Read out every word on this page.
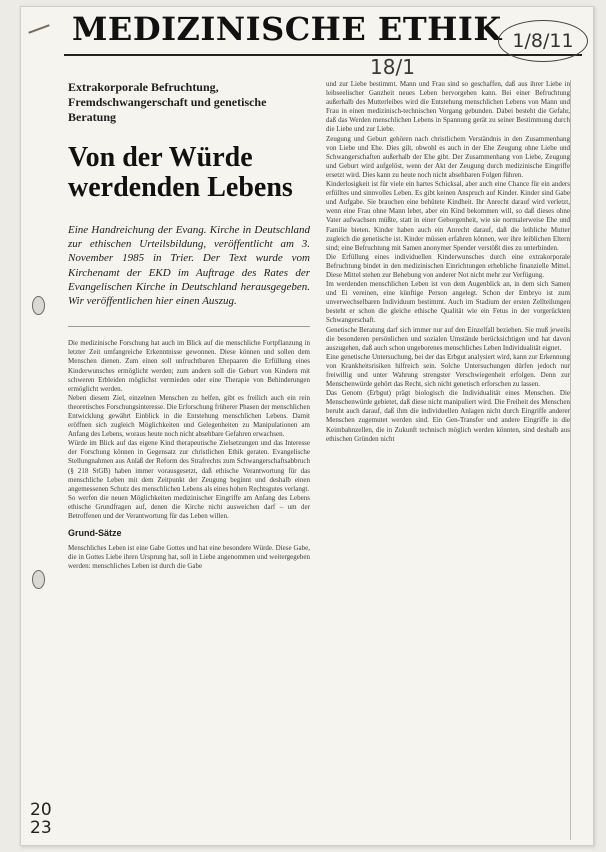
MEDIZINISCHE ETHIK 1/8/11
18/1
20
23

Extrakorporale Befruchtung, Fremdschwangerschaft und genetische Beratung

Von der Würde werdenden Lebens

Eine Handreichung der Evang. Kirche in Deutschland zur ethischen Urteilsbildung, veröffentlicht am 3. November 1985 in Trier. Der Text wurde vom Kirchenamt der EKD im Auftrage des Rates der Evangelischen Kirche in Deutschland herausgegeben. Wir veröffentlichen hier einen Auszug.

Die medizinische Forschung hat auch im Blick auf die menschliche Fortpflanzung in letzter Zeit umfangreiche Erkenntnisse gewonnen. Diese können und sollen dem Menschen dienen. Zum einen soll unfruchtbaren Ehepaaren die Erfüllung eines Kinderwunsches ermöglicht werden; zum andern soll die Geburt von Kindern mit schweren Erbleiden möglichst vermieden oder eine Therapie von Behinderungen ermöglicht werden.

Neben diesem Ziel, einzelnen Menschen zu helfen, gibt es freilich auch ein rein theoretisches Forschungsinteresse. Die Erforschung früherer Phasen der menschlichen Entwicklung gewährt Einblick in die Entstehung menschlichen Lebens. Damit eröffnen sich zugleich Möglichkeiten und Gelegenheiten zu Manipulationen am Anfang des Lebens, woraus heute noch nicht absehbare Gefahren erwachsen.

Würde im Blick auf das eigene Kind therapeutische Zielsetzungen und das Interesse der Forschung können in Gegensatz zur christlichen Ethik geraten. Evangelische Stellungnahmen aus Anlaß der Reform des Strafrechts zum Schwangerschaftsabbruch (§ 218 StGB) haben immer vorausgesetzt, daß ethische Verantwortung für das menschliche Leben mit dem Zeitpunkt der Zeugung beginnt und deshalb einen angemessenen Schutz des menschlichen Lebens als eines hohen Rechtsgutes verlangt.

So werfen die neuen Möglichkeiten medizinischer Eingriffe am Anfang des Lebens ethische Grundfragen auf, denen die Kirche nicht ausweichen darf – um der Betroffenen und der Verantwortung für das Leben willen.

Grund-Sätze

Menschliches Leben ist eine Gabe Gottes und hat eine besondere Würde. Diese Gabe, die in Gottes Liebe ihren Ursprung hat, soll in Liebe angenommen und weitergegeben werden: menschliches Leben ist durch die Gabe

und zur Liebe bestimmt. Mann und Frau sind so geschaffen, daß aus ihrer Liebe in leibseelischer Ganzheit neues Leben hervorgehen kann. Bei einer Befruchtung außerhalb des Mutterleibes wird die Entstehung menschlichen Lebens von Mann und Frau in einen medizinisch-technischen Vorgang gebunden. Dabei besteht die Gefahr, daß das Werden menschlichen Lebens in Spannung gerät zu seiner Bestimmung durch die Liebe und zur Liebe.

Zeugung und Geburt gehören nach christlichem Verständnis in den Zusammenhang von Liebe und Ehe. Dies gilt, obwohl es auch in der Ehe Zeugung ohne Liebe und Schwangerschaften außerhalb der Ehe gibt. Der Zusammenhang von Liebe, Zeugung und Geburt wird aufgelöst, wenn der Akt der Zeugung durch medizinische Eingriffe ersetzt wird. Dies kann zu heute noch nicht absehbaren Folgen führen.

Kinderlosigkeit ist für viele ein hartes Schicksal, aber auch eine Chance für ein anders erfülltes und sinnvolles Leben. Es gibt keinen Anspruch auf Kinder. Kinder sind Gabe und Aufgabe. Sie brauchen eine behütete Kindheit. Ihr Anrecht darauf wird verletzt, wenn eine Frau ohne Mann lebet, aber ein Kind bekommen will, so daß dieses ohne Vater aufwachsen müßte, statt in einer Geborgenheit, wie sie normalerweise Ehe und Familie bieten. Kinder haben auch ein Anrecht darauf, daß die leibliche Mutter zugleich die genetische ist. Kinder müssen erfahren können, wer ihre leiblichen Eltern sind; eine Befruchtung mit Samen anonymer Spender verstößt dies zu unterbinden.

Die Erfüllung eines individuellen Kinderwunsches durch eine extrakorporale Befruchtung bindet in den medizinischen Einrichtungen erhebliche finanzielle Mittel. Diese Mittel stehen zur Behebung von anderer Not nicht mehr zur Verfügung.

Im werdenden menschlichen Leben ist von dem Augenblick an, in dem sich Samen und Ei vereinen, eine künftige Person angelegt. Schon der Embryo ist zum unverwechselbaren Individuum bestimmt. Auch im Stadium der ersten Zellteilungen besteht er schon die gleiche ethische Qualität wie ein Fetus in der vorgerückten Schwangerschaft.

Genetische Beratung darf sich immer nur auf den Einzelfall beziehen. Sie muß jeweils die besonderen persönlichen und sozialen Umstände berücksichtigen und hat davon auszugehen, daß auch schon ungeborenes menschliches Leben Individualität eignet.

Eine genetische Untersuchung, bei der das Erbgut analysiert wird, kann zur Erkennung von Krankheitsrisiken hilfreich sein. Solche Untersuchungen dürfen jedoch nur freiwillig und unter Wahrung strengster Verschwiegenheit erfolgen. Denn zur Menschenwürde gehört das Recht, sich nicht genetisch erforschen zu lassen.

Das Genom (Erbgut) prägt biologisch die Individualität eines Menschen. Die Menschenwürde gebietet, daß diese nicht manipuliert wird. Die Freiheit des Menschen beruht auch darauf, daß ihm die individuellen Anlagen nicht durch Eingriffe anderer Menschen zugemutet werden sind. Ein Gen-Transfer und andere Eingriffe in die Keimbahnzellen, die in Zukunft technisch möglich werden könnten, sind deshalb aus ethischen Gründen nicht
